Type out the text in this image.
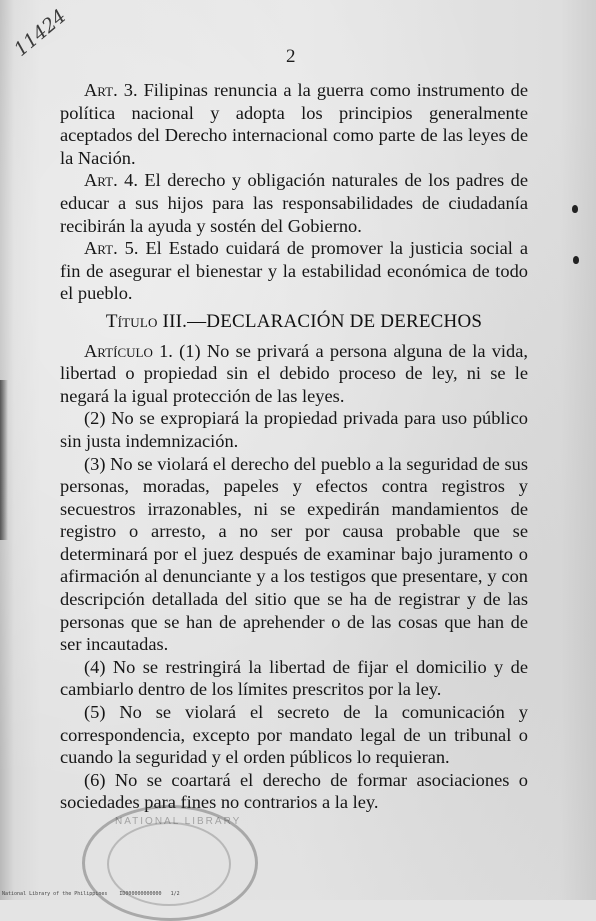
11424	2

Art. 3. Filipinas renuncia a la guerra como instrumento de política nacional y adopta los principios generalmente aceptados del Derecho internacional como parte de las leyes de la Nación.

Art. 4. El derecho y obligación naturales de los padres de educar a sus hijos para las responsabilidades de ciudadanía recibirán la ayuda y sostén del Gobierno.

Art. 5. El Estado cuidará de promover la justicia social a fin de asegurar el bienestar y la estabilidad económica de todo el pueblo.

Título III.—DECLARACIÓN DE DERECHOS

Artículo 1. (1) No se privará a persona alguna de la vida, libertad o propiedad sin el debido proceso de ley, ni se le negará la igual protección de las leyes.

(2) No se expropiará la propiedad privada para uso público sin justa indemnización.

(3) No se violará el derecho del pueblo a la seguridad de sus personas, moradas, papeles y efectos contra registros y secuestros irrazonables, ni se expedirán mandamientos de registro o arresto, a no ser por causa probable que se determinará por el juez después de examinar bajo juramento o afirmación al denunciante y a los testigos que presentare, y con descripción detallada del sitio que se ha de registrar y de las personas que se han de aprehender o de las cosas que han de ser incautadas.

(4) No se restringirá la libertad de fijar el domicilio y de cambiarlo dentro de los límites prescritos por la ley.

(5) No se violará el secreto de la comunicación y correspondencia, excepto por mandato legal de un tribunal o cuando la seguridad y el orden públicos lo requieran.

(6) No se coartará el derecho de formar asociaciones o sociedades para fines no contrarios a la ley.

NATIONAL LIBRARY
National Library of the Philippines    ID000000000000   1/2
